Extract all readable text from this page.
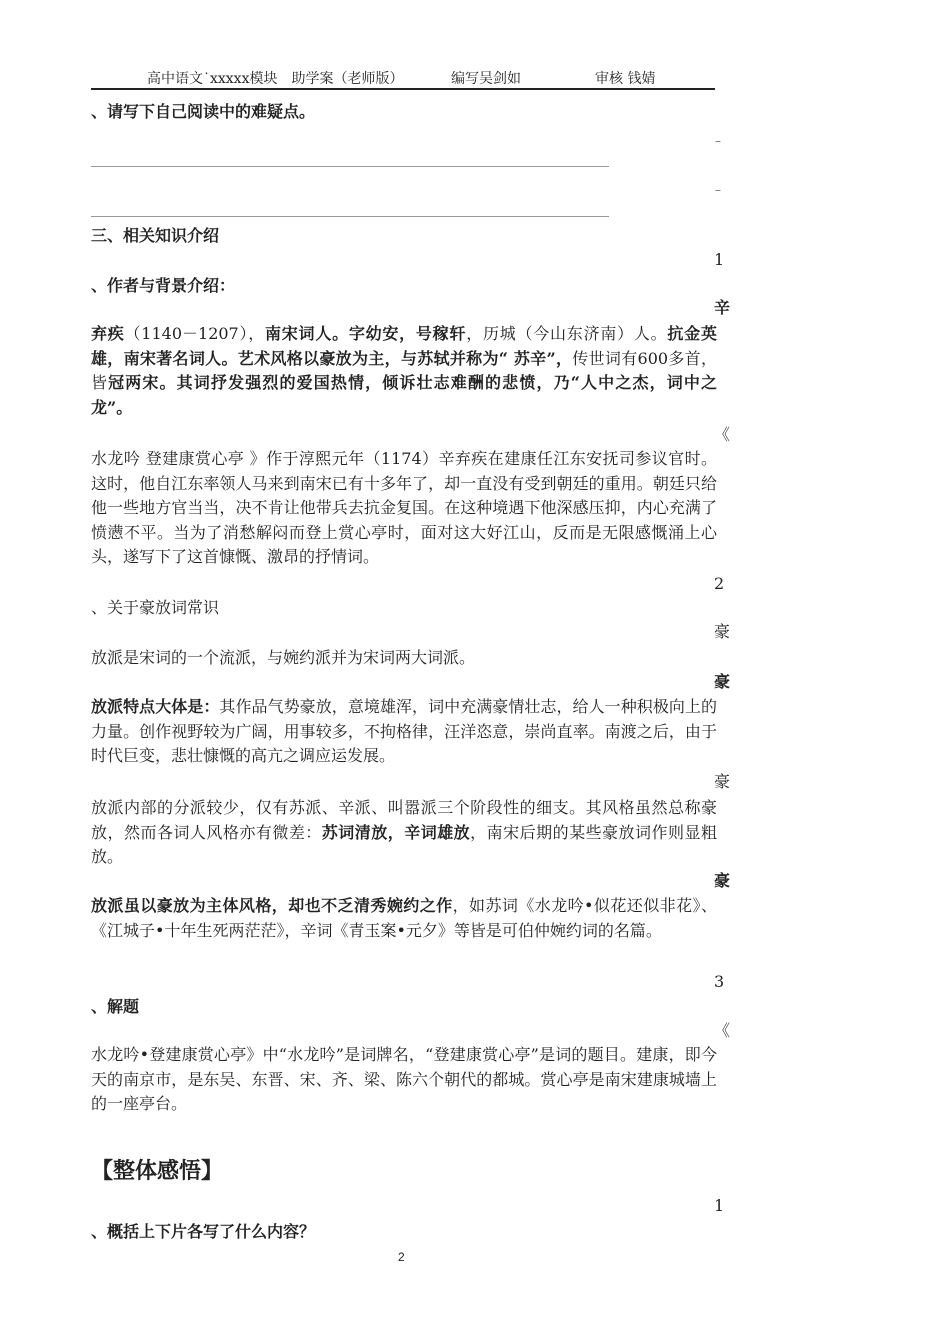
高中语文˙xxxxx模块　助学案（老师版）	编写吴剑如	审核 钱婧
、请写下自己阅读中的难疑点。
–
–
三、相关知识介绍
1
、作者与背景介绍：
辛
弃疾（1140－1207），南宋词人。字幼安，号稼轩，历城（今山东济南）人。抗金英雄，南宋著名词人。艺术风格以豪放为主，与苏轼并称为“ 苏辛”，传世词有600多首，皆冠两宋。其词抒发强烈的爱国热情，倾诉壮志难酬的悲愤，乃“人中之杰，词中之龙”。
《
水龙吟 登建康赏心亭 》作于淳熙元年（1174）辛弃疾在建康任江东安抚司参议官时。这时，他自江东率领人马来到南宋已有十多年了，却一直没有受到朝廷的重用。朝廷只给他一些地方官当当，决不肯让他带兵去抗金复国。在这种境遇下他深感压抑，内心充满了愤懑不平。当为了消愁解闷而登上赏心亭时，面对这大好江山，反而是无限感慨涌上心头，遂写下了这首慷慨、激昂的抒情词。
2
、关于豪放词常识
豪
放派是宋词的一个流派，与婉约派并为宋词两大词派。
豪
放派特点大体是：其作品气势豪放，意境雄浑，词中充满豪情壮志，给人一种积极向上的力量。创作视野较为广阔，用事较多，不拘格律，汪洋恣意，崇尚直率。南渡之后，由于时代巨变，悲壮慷慨的高亢之调应运发展。
豪
放派内部的分派较少，仅有苏派、辛派、叫嚣派三个阶段性的细支。其风格虽然总称豪放，然而各词人风格亦有微差：苏词清放，辛词雄放，南宋后期的某些豪放词作则显粗放。
豪
放派虽以豪放为主体风格，却也不乏清秀婉约之作，如苏词《水龙吟•似花还似非花》、《江城子•十年生死两茫茫》，辛词《青玉案•元夕》等皆是可伯仲婉约词的名篇。
3
、解题
《
水龙吟•登建康赏心亭》中“水龙吟”是词牌名，“登建康赏心亭”是词的题目。建康，即今天的南京市，是东吴、东晋、宋、齐、梁、陈六个朝代的都城。赏心亭是南宋建康城墙上的一座亭台。
【整体感悟】
1
、概括上下片各写了什么内容？
2
